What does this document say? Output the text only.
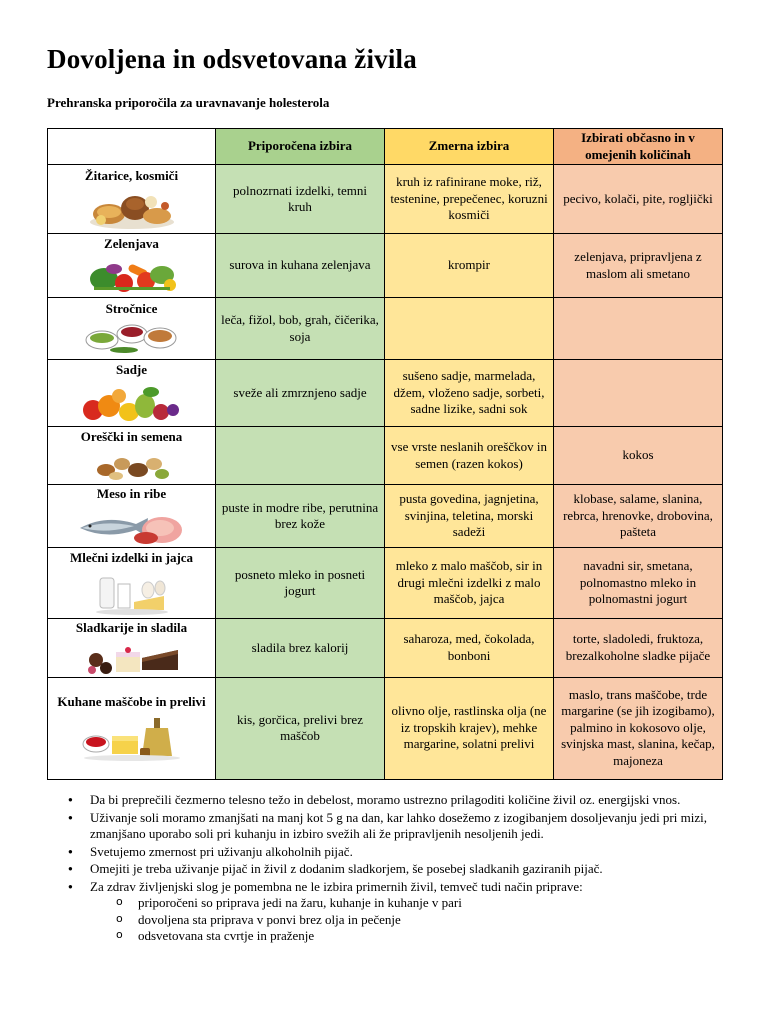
Dovoljena in odsvetovana živila

Prehranska priporočila za uravnavanje holesterola

	Priporočena izbira	Zmerna izbira	Izbirati občasno in v omejenih količinah

Žitarice, kosmiči	polnozrnati izdelki, temni kruh	kruh iz rafinirane moke, riž, testenine, prepečenec, koruzni kosmiči	pecivo, kolači, pite, rogljički

Zelenjava	surova in kuhana zelenjava	krompir	zelenjava, pripravljena z maslom ali smetano

Stročnice	leča, fižol, bob, grah, čičerika, soja		

Sadje	sveže ali zmrznjeno sadje	sušeno sadje, marmelada, džem, vloženo sadje, sorbeti, sadne lizike, sadni sok	

Oreščki in semena		vse vrste neslanih oreščkov in semen (razen kokos)	kokos

Meso in ribe	puste in modre ribe, perutnina brez kože	pusta govedina, jagnjetina, svinjina, teletina, morski sadeži	klobase, salame, slanina, rebrca, hrenovke, drobovina, pašteta

Mlečni izdelki in jajca	posneto mleko in posneti jogurt	mleko z malo maščob, sir in drugi mlečni izdelki z malo maščob, jajca	navadni sir, smetana, polnomastno mleko in polnomastni jogurt

Sladkarije in sladila	sladila brez kalorij	saharoza, med, čokolada, bonboni	torte, sladoledi, fruktoza, brezalkoholne sladke pijače

Kuhane maščobe in prelivi	kis, gorčica, prelivi brez maščob	olivno olje, rastlinska olja (ne iz tropskih krajev), mehke margarine, solatni prelivi	maslo, trans maščobe, trde margarine (se jih izogibamo), palmino in kokosovo olje, svinjska mast, slanina, kečap, majoneza
● Da bi preprečili čezmerno telesno težo in debelost, moramo ustrezno prilagoditi količine živil oz. energijski vnos.
● Uživanje soli moramo zmanjšati na manj kot 5 g na dan, kar lahko dosežemo z izogibanjem dosoljevanju jedi pri mizi, zmanjšano uporabo soli pri kuhanju in izbiro svežih ali že pripravljenih nesoljenih jedi.
● Svetujemo zmernost pri uživanju alkoholnih pijač.
● Omejiti je treba uživanje pijač in živil z dodanim sladkorjem, še posebej sladkanih gaziranih pijač.
● Za zdrav življenjski slog je pomembna ne le izbira primernih živil, temveč tudi način priprave:
o priporočeni so priprava jedi na žaru, kuhanje in kuhanje v pari
o dovoljena sta priprava v ponvi brez olja in pečenje
o odsvetovana sta cvrtje in praženje
